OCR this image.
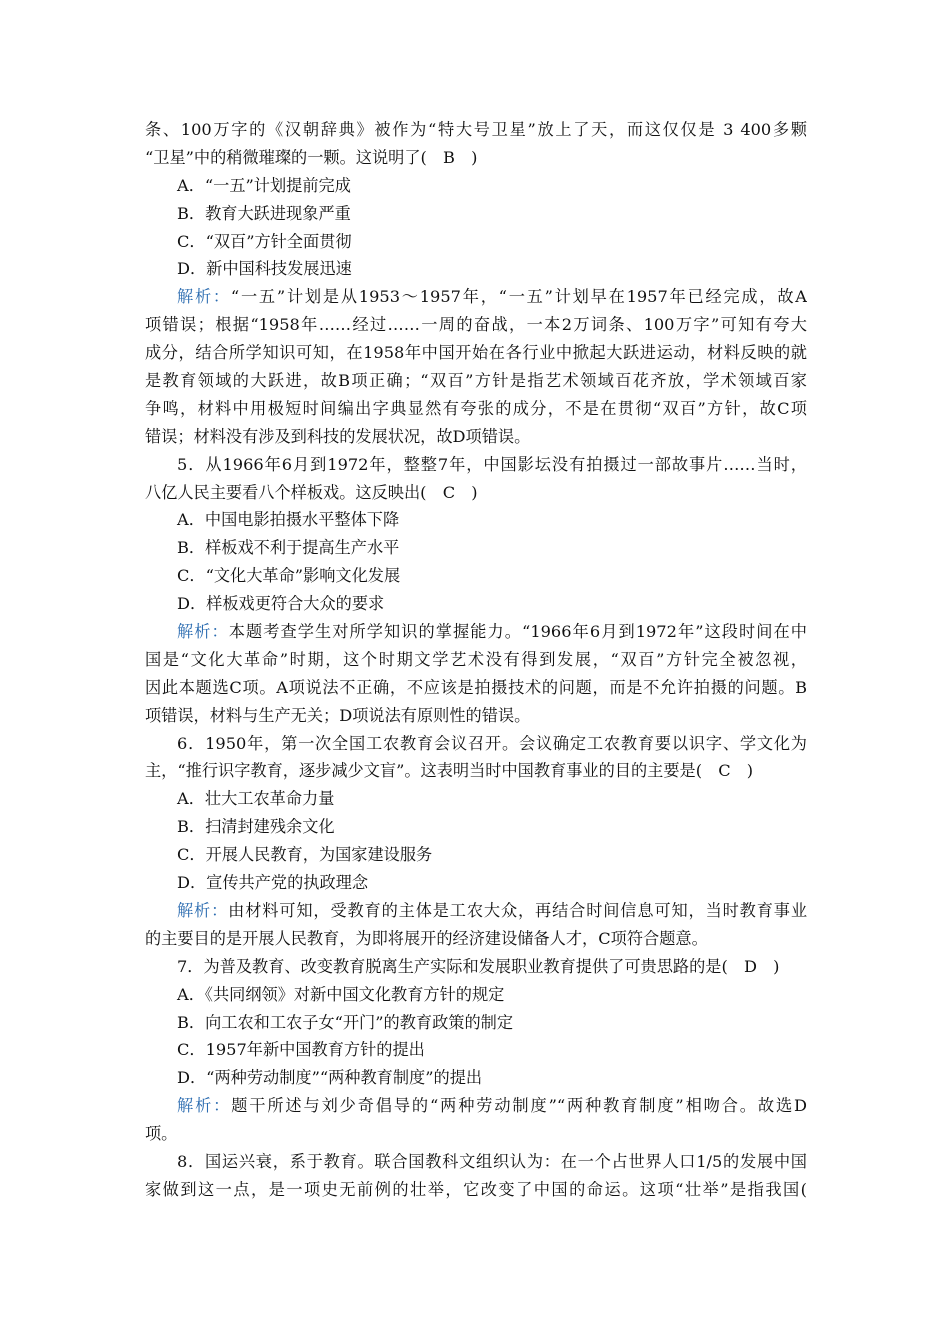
条、100万字的《汉朝辞典》被作为“特大号卫星”放上了天，而这仅仅是 3 400多颗
“卫星”中的稍微璀璨的一颗。这说明了(　B　)
A．“一五”计划提前完成
B．教育大跃进现象严重
C．“双百”方针全面贯彻
D．新中国科技发展迅速
解析：“一五”计划是从1953～1957年，“一五”计划早在1957年已经完成，故A
项错误；根据“1958年……经过……一周的奋战，一本2万词条、100万字”可知有夸大
成分，结合所学知识可知，在1958年中国开始在各行业中掀起大跃进运动，材料反映的就
是教育领域的大跃进，故B项正确；“双百”方针是指艺术领域百花齐放，学术领域百家
争鸣，材料中用极短时间编出字典显然有夸张的成分，不是在贯彻“双百”方针，故C项
错误；材料没有涉及到科技的发展状况，故D项错误。
5．从1966年6月到1972年，整整7年，中国影坛没有拍摄过一部故事片……当时，
八亿人民主要看八个样板戏。这反映出(　C　)
A．中国电影拍摄水平整体下降
B．样板戏不利于提高生产水平
C．“文化大革命”影响文化发展
D．样板戏更符合大众的要求
解析：本题考查学生对所学知识的掌握能力。“1966年6月到1972年”这段时间在中
国是“文化大革命”时期，这个时期文学艺术没有得到发展，“双百”方针完全被忽视，
因此本题选C项。A项说法不正确，不应该是拍摄技术的问题，而是不允许拍摄的问题。B
项错误，材料与生产无关；D项说法有原则性的错误。
6．1950年，第一次全国工农教育会议召开。会议确定工农教育要以识字、学文化为
主，“推行识字教育，逐步减少文盲”。这表明当时中国教育事业的目的主要是(　C　)
A．壮大工农革命力量
B．扫清封建残余文化
C．开展人民教育，为国家建设服务
D．宣传共产党的执政理念
解析：由材料可知，受教育的主体是工农大众，再结合时间信息可知，当时教育事业
的主要目的是开展人民教育，为即将展开的经济建设储备人才，C项符合题意。
7．为普及教育、改变教育脱离生产实际和发展职业教育提供了可贵思路的是(　D　)
A．《共同纲领》对新中国文化教育方针的规定
B．向工农和工农子女“开门”的教育政策的制定
C．1957年新中国教育方针的提出
D．“两种劳动制度”“两种教育制度”的提出
解析：题干所述与刘少奇倡导的“两种劳动制度”“两种教育制度”相吻合。故选D
项。
8．国运兴衰，系于教育。联合国教科文组织认为：在一个占世界人口1/5的发展中国
家做到这一点，是一项史无前例的壮举，它改变了中国的命运。这项“壮举”是指我国(
